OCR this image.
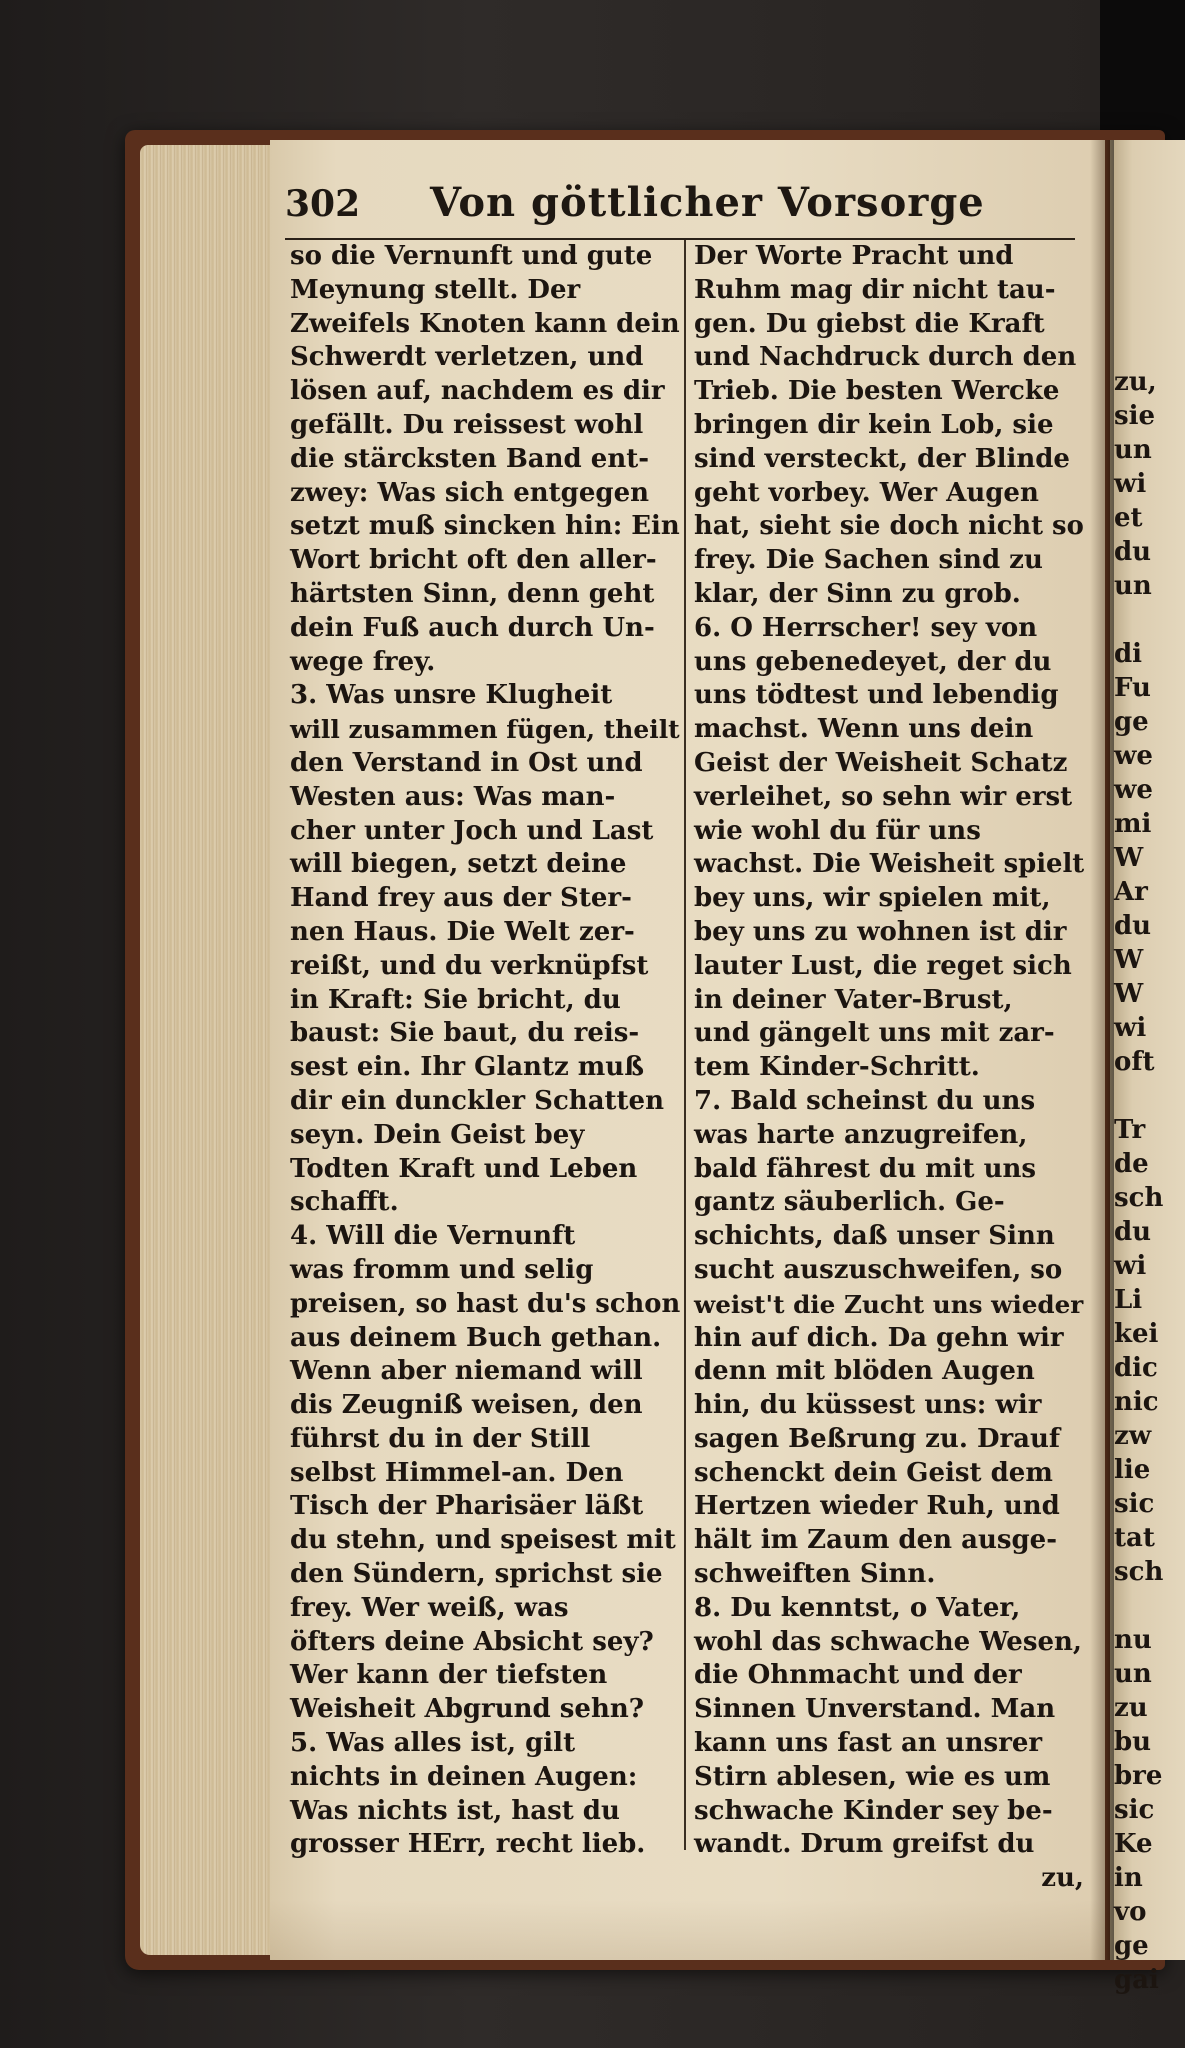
zu,
sie
un
wi
et
du
un
di
Fu
ge
we
we
mi
W
Ar
du
W
W
wi
oft
Tr
de
sch
du
wi
Li
kei
dic
nic
zw
lie
sic
tat
sch
nu
un
zu
bu
bre
sic
Ke
in
vo
ge
gai
302 Von göttlicher Vorsorge
so die Vernunft und gute
Meynung stellt. Der
Zweifels Knoten kann dein
Schwerdt verletzen, und
lösen auf, nachdem es dir
gefällt. Du reissest wohl
die stärcksten Band ent-
zwey: Was sich entgegen
setzt muß sincken hin: Ein
Wort bricht oft den aller-
härtsten Sinn, denn geht
dein Fuß auch durch Un-
wege frey.
3. Was unsre Klugheit
will zusammen fügen, theilt
den Verstand in Ost und
Westen aus: Was man-
cher unter Joch und Last
will biegen, setzt deine
Hand frey aus der Ster-
nen Haus. Die Welt zer-
reißt, und du verknüpfst
in Kraft: Sie bricht, du
baust: Sie baut, du reis-
sest ein. Ihr Glantz muß
dir ein dunckler Schatten
seyn. Dein Geist bey
Todten Kraft und Leben
schafft.
4. Will die Vernunft
was fromm und selig
preisen, so hast du's schon
aus deinem Buch gethan.
Wenn aber niemand will
dis Zeugniß weisen, den
führst du in der Still
selbst Himmel-an. Den
Tisch der Pharisäer läßt
du stehn, und speisest mit
den Sündern, sprichst sie
frey. Wer weiß, was
öfters deine Absicht sey?
Wer kann der tiefsten
Weisheit Abgrund sehn?
5. Was alles ist, gilt
nichts in deinen Augen:
Was nichts ist, hast du
grosser HErr, recht lieb.
Der Worte Pracht und
Ruhm mag dir nicht tau-
gen. Du giebst die Kraft
und Nachdruck durch den
Trieb. Die besten Wercke
bringen dir kein Lob, sie
sind versteckt, der Blinde
geht vorbey. Wer Augen
hat, sieht sie doch nicht so
frey. Die Sachen sind zu
klar, der Sinn zu grob.
6. O Herrscher! sey von
uns gebenedeyet, der du
uns tödtest und lebendig
machst. Wenn uns dein
Geist der Weisheit Schatz
verleihet, so sehn wir erst
wie wohl du für uns
wachst. Die Weisheit spielt
bey uns, wir spielen mit,
bey uns zu wohnen ist dir
lauter Lust, die reget sich
in deiner Vater-Brust,
und gängelt uns mit zar-
tem Kinder-Schritt.
7. Bald scheinst du uns
was harte anzugreifen,
bald fährest du mit uns
gantz säuberlich. Ge-
schichts, daß unser Sinn
sucht auszuschweifen, so
weist't die Zucht uns wieder
hin auf dich. Da gehn wir
denn mit blöden Augen
hin, du küssest uns: wir
sagen Beßrung zu. Drauf
schenckt dein Geist dem
Hertzen wieder Ruh, und
hält im Zaum den ausge-
schweiften Sinn.
8. Du kenntst, o Vater,
wohl das schwache Wesen,
die Ohnmacht und der
Sinnen Unverstand. Man
kann uns fast an unsrer
Stirn ablesen, wie es um
schwache Kinder sey be-
wandt. Drum greifst du
zu,
